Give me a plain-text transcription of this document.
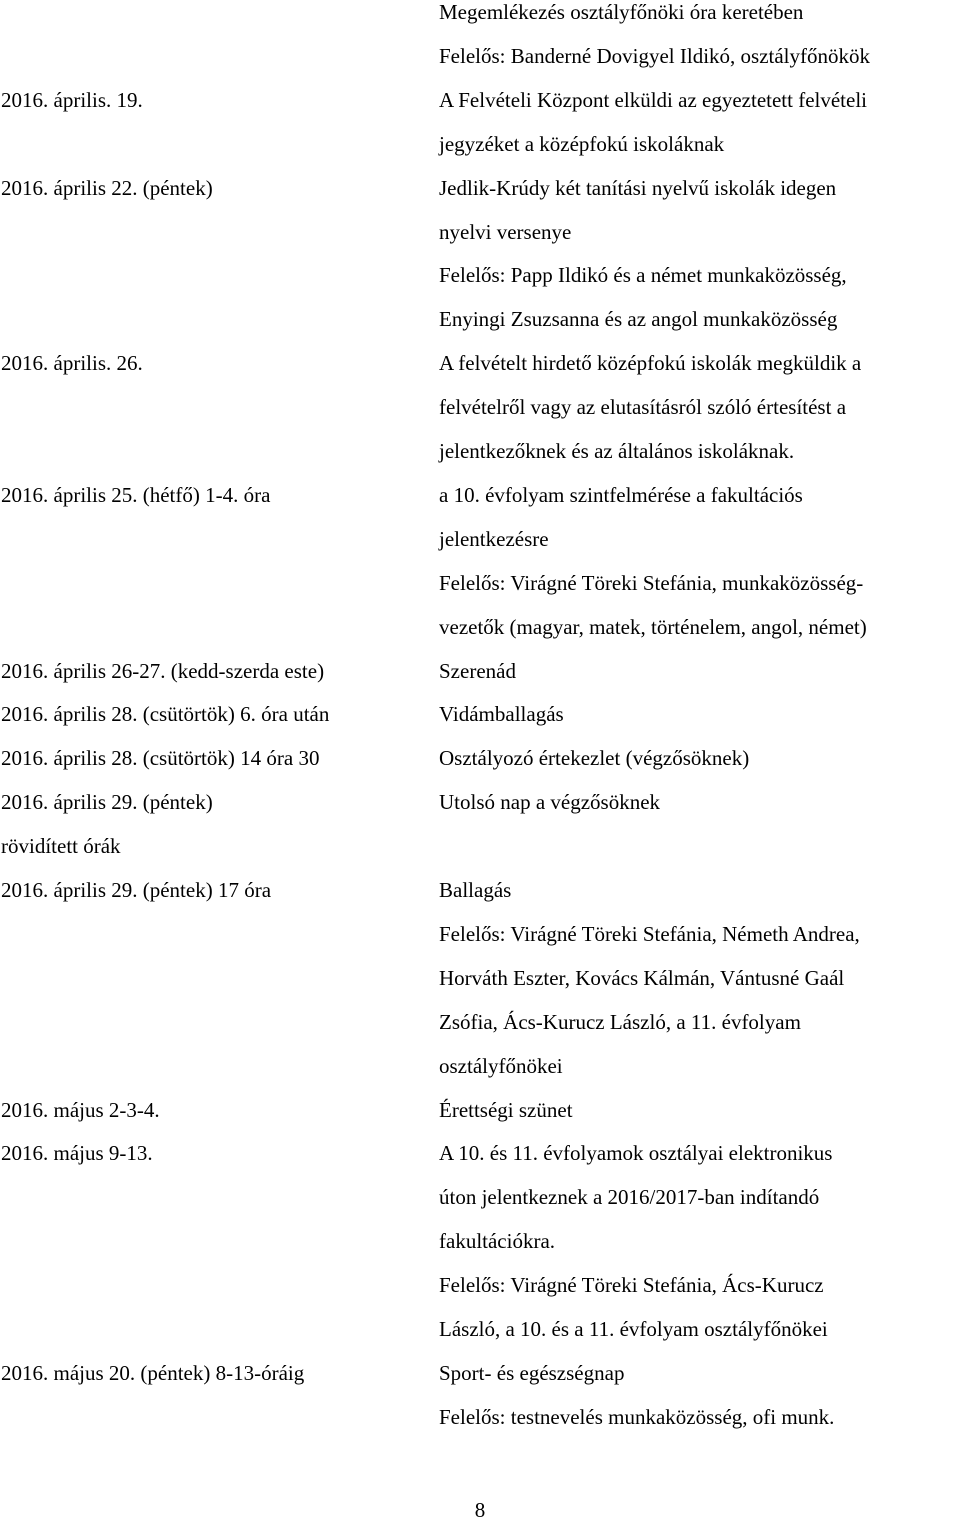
Megemlékezés osztályfőnöki óra keretében
Felelős: Banderné Dovigyel Ildikó, osztályfőnökök
2016. április. 19.	A Felvételi Központ elküldi az egyeztetett felvételi
jegyzéket a középfokú iskoláknak
2016. április 22. (péntek)	Jedlik-Krúdy két tanítási nyelvű iskolák idegen
nyelvi versenye
Felelős: Papp Ildikó és a német munkaközösség,
Enyingi Zsuzsanna és az angol munkaközösség
2016. április. 26.	A felvételt hirdető középfokú iskolák megküldik a
felvételről vagy az elutasításról szóló értesítést a
jelentkezőknek és az általános iskoláknak.
2016. április 25. (hétfő) 1-4. óra	a 10. évfolyam szintfelmérése a fakultációs
jelentkezésre
Felelős: Virágné Töreki Stefánia, munkaközösség-
vezetők (magyar, matek, történelem, angol, német)
2016. április 26-27. (kedd-szerda este)	Szerenád
2016. április 28. (csütörtök) 6. óra után	Vidámballagás
2016. április 28. (csütörtök) 14 óra 30	Osztályozó értekezlet (végzősöknek)
2016. április 29. (péntek)	Utolsó nap a végzősöknek
rövidített órák
2016. április 29. (péntek) 17 óra	Ballagás
Felelős: Virágné Töreki Stefánia, Németh Andrea,
Horváth Eszter, Kovács Kálmán, Vántusné Gaál
Zsófia, Ács-Kurucz László, a 11. évfolyam
osztályfőnökei
2016. május 2-3-4.	Érettségi szünet
2016. május 9-13.	A 10. és 11. évfolyamok osztályai elektronikus
úton jelentkeznek a 2016/2017-ban indítandó
fakultációkra.
Felelős: Virágné Töreki Stefánia, Ács-Kurucz
László, a 10. és a 11. évfolyam osztályfőnökei
2016. május 20. (péntek) 8-13-óráig	Sport- és egészségnap
Felelős: testnevelés munkaközösség, ofi munk.
8
